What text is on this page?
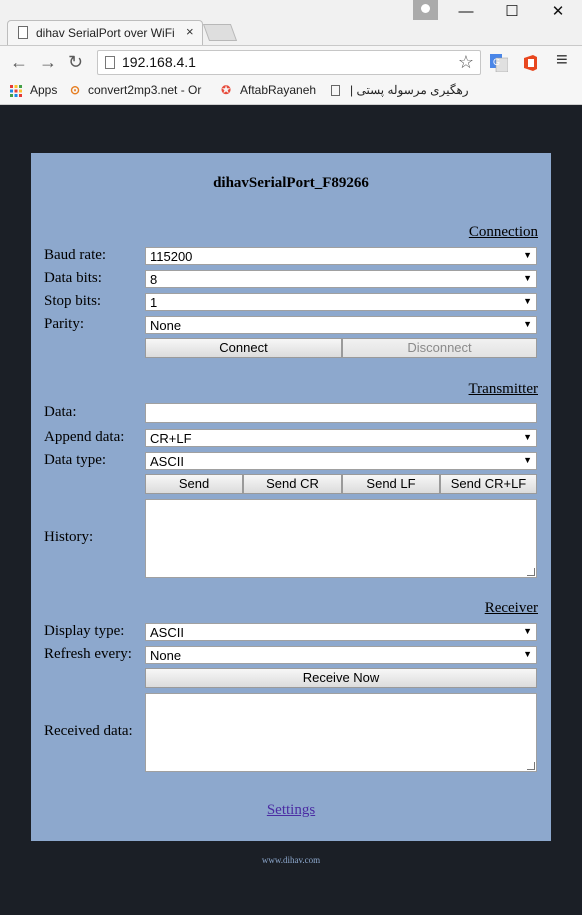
dihav SerialPort over WiFi ×
—	☐	✕
← → ↻	192.168.4.1	☆ G	≡
Apps ⊙ convert2mp3.net - Or ✪ AftabRayaneh	رهگیری مرسوله پستی |
dihavSerialPort_F89266
Connection
Baud rate:	115200	▼
Data bits:	8	▼
Stop bits:	1	▼
Parity:	None	▼
Connect	Disconnect
Transmitter
Data:
Append data: CR+LF	▼
Data type:	ASCII	▼
Send	Send CR	Send LF	Send CR+LF
History:
Receiver
Display type: ASCII	▼
Refresh every: None	▼
Receive Now
Received data:
Settings
www.dihav.com
